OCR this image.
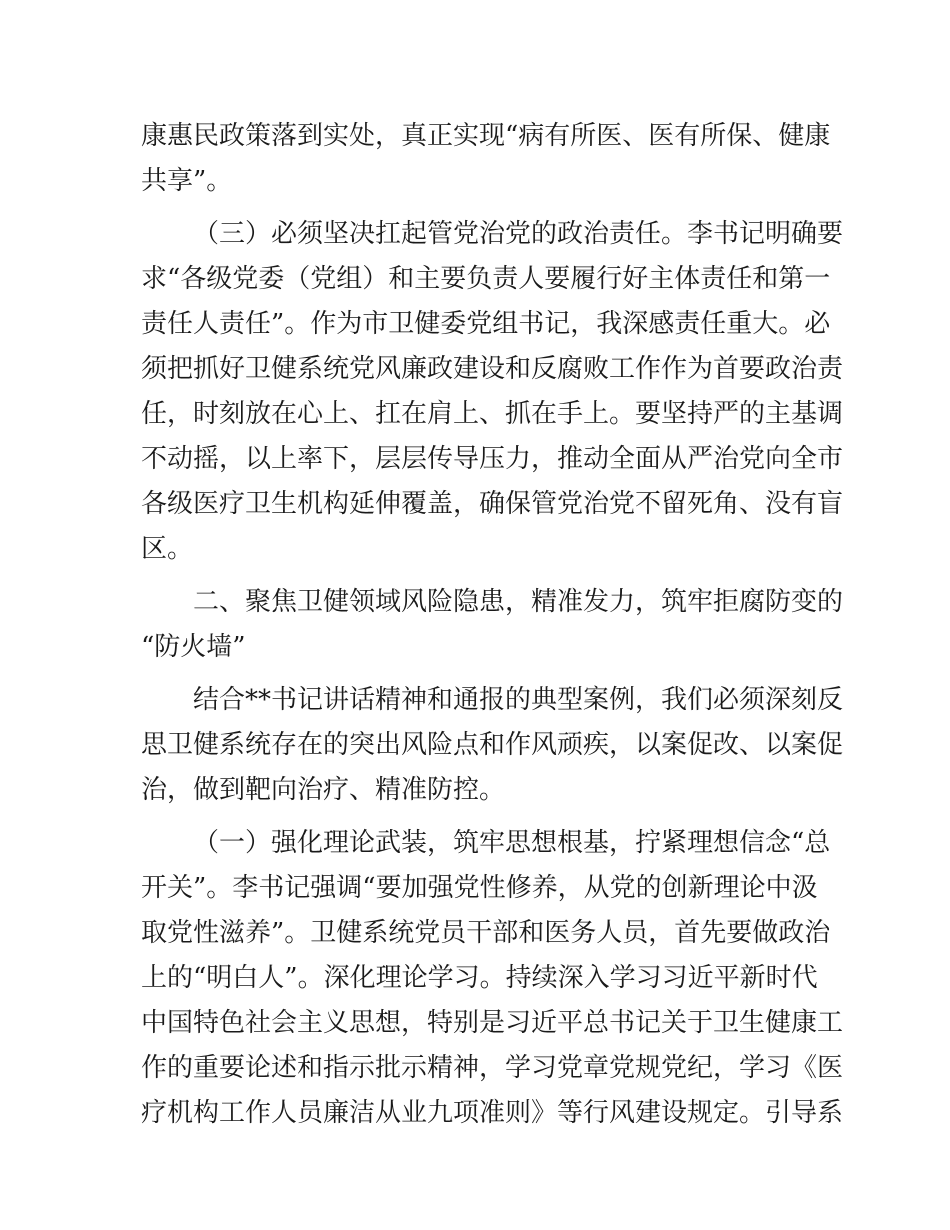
康惠民政策落到实处，真正实现“病有所医、医有所保、健康
共享”。
（三）必须坚决扛起管党治党的政治责任。李书记明确要
求“各级党委（党组）和主要负责人要履行好主体责任和第一
责任人责任”。作为市卫健委党组书记，我深感责任重大。必
须把抓好卫健系统党风廉政建设和反腐败工作作为首要政治责
任，时刻放在心上、扛在肩上、抓在手上。要坚持严的主基调
不动摇，以上率下，层层传导压力，推动全面从严治党向全市
各级医疗卫生机构延伸覆盖，确保管党治党不留死角、没有盲
区。
二、聚焦卫健领域风险隐患，精准发力，筑牢拒腐防变的
“防火墙”
结合**书记讲话精神和通报的典型案例，我们必须深刻反
思卫健系统存在的突出风险点和作风顽疾，以案促改、以案促
治，做到靶向治疗、精准防控。
（一）强化理论武装，筑牢思想根基，拧紧理想信念“总
开关”。李书记强调“要加强党性修养，从党的创新理论中汲
取党性滋养”。卫健系统党员干部和医务人员，首先要做政治
上的“明白人”。深化理论学习。持续深入学习习近平新时代
中国特色社会主义思想，特别是习近平总书记关于卫生健康工
作的重要论述和指示批示精神，学习党章党规党纪，学习《医
疗机构工作人员廉洁从业九项准则》等行风建设规定。引导系
